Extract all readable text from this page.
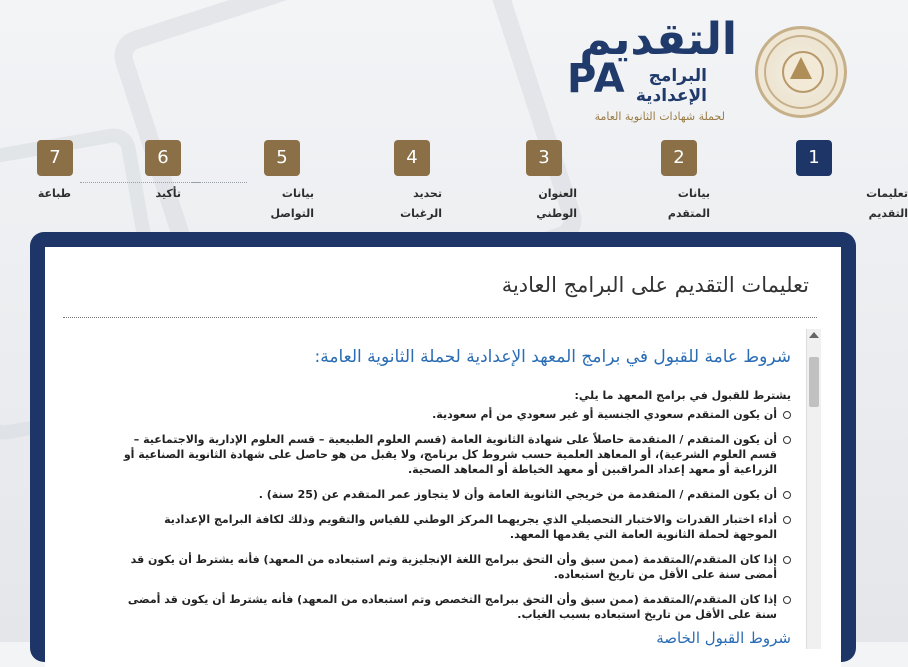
التقديم
البرامج
الإعدادية
PA
لحملة شهادات الثانوية العامة
1
تعليمات
التقديم
2
بيانات
المتقدم
3
العنوان
الوطني
4
تحديد
الرغبات
5
بيانات
التواصل
6
تأكيد
7
طباعة
تعليمات التقديم على البرامج العادية
شروط عامة للقبول في برامج المعهد الإعدادية لحملة الثانوية العامة:
يشترط للقبول في برامج المعهد ما يلي:
أن يكون المتقدم سعودي الجنسية أو غير سعودي من أم سعودية.
أن يكون المتقدم / المتقدمة حاصلاً على شهادة الثانوية العامة (قسم العلوم الطبيعية – قسم العلوم الإدارية والاجتماعية – قسم العلوم الشرعية)، أو المعاهد العلمية حسب شروط كل برنامج، ولا يقبل من هو حاصل على شهادة الثانوية الصناعية أو الزراعية أو معهد إعداد المراقبين أو معهد الخياطة أو المعاهد الصحية.
أن يكون المتقدم / المتقدمة من خريجي الثانوية العامة وأن لا يتجاوز عمر المتقدم عن (25 سنة) .
أداء اختبار القدرات والاختبار التحصيلي الذي يجريهما المركز الوطني للقياس والتقويم وذلك لكافة البرامج الإعدادية الموجهة لحملة الثانوية العامة التي يقدمها المعهد.
إذا كان المتقدم/المتقدمة (ممن سبق وأن التحق ببرامج اللغة الإنجليزية وتم استبعاده من المعهد) فأنه يشترط أن يكون قد أمضى سنة على الأقل من تاريخ استبعاده.
إذا كان المتقدم/المتقدمة (ممن سبق وأن التحق ببرامج التخصص وتم استبعاده من المعهد) فأنه يشترط أن يكون قد أمضى سنة على الأقل من تاريخ استبعاده بسبب الغياب.
شروط القبول الخاصة
